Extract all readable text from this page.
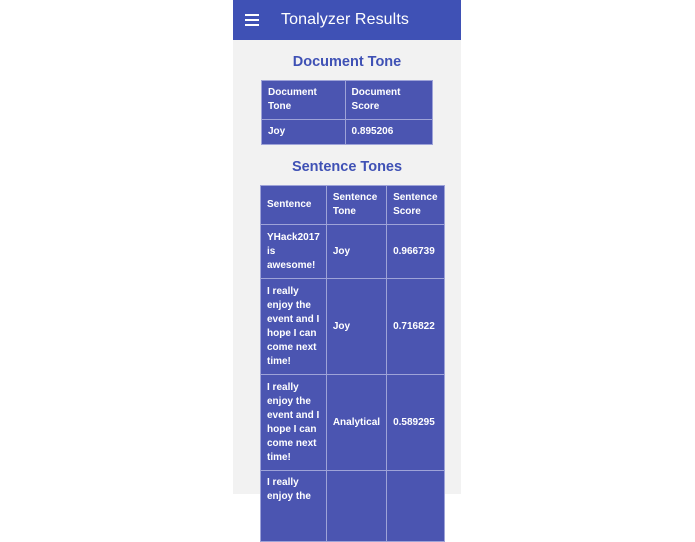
Tonalyzer Results
Document Tone
Document Tone	Document Score
Joy	0.895206
Sentence Tones
Sentence	Sentence Tone	Sentence Score
YHack2017 is awesome!	Joy	0.966739
I really enjoy the event and I hope I can come next time!	Joy	0.716822
I really enjoy the event and I hope I can come next time!	Analytical	0.589295
I really enjoy the		
